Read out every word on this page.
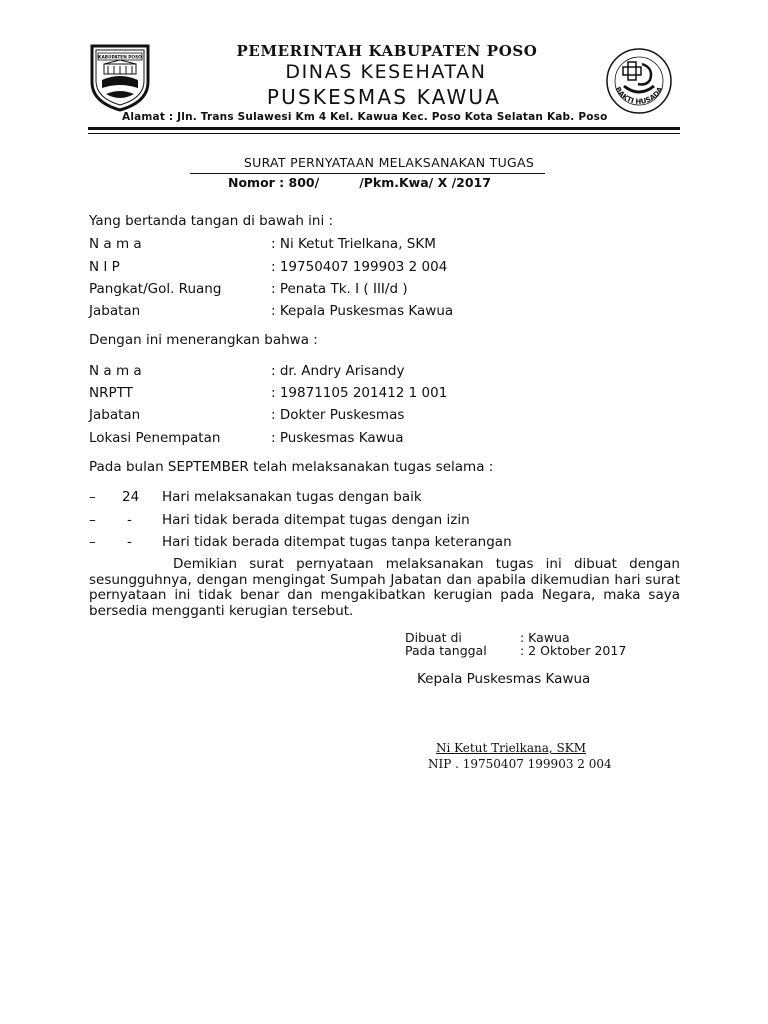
KABUPATEN POSO
BAKTI HUSADA
PEMERINTAH KABUPATEN POSO
DINAS KESEHATAN
PUSKESMAS KAWUA
Alamat : Jln. Trans Sulawesi Km 4 Kel. Kawua Kec. Poso Kota Selatan Kab. Poso
SURAT PERNYATAAN MELAKSANAKAN TUGAS
Nomor : 800/	/Pkm.Kwa/ X /2017
Yang bertanda tangan di bawah ini :
N a m a	: Ni Ketut Trielkana, SKM
N I P	: 19750407 199903 2 004
Pangkat/Gol. Ruang	: Penata Tk. I ( III/d )
Jabatan	: Kepala Puskesmas Kawua
Dengan ini menerangkan bahwa :
N a m a	: dr. Andry Arisandy
NRPTT	: 19871105 201412 1 001
Jabatan	: Dokter Puskesmas
Lokasi Penempatan	: Puskesmas Kawua
Pada bulan SEPTEMBER telah melaksanakan tugas selama :
– 24 Hari melaksanakan tugas dengan baik
– - Hari tidak berada ditempat tugas dengan izin
– - Hari tidak berada ditempat tugas tanpa keterangan
Demikian surat pernyataan melaksanakan tugas ini dibuat dengan sesungguhnya, dengan mengingat Sumpah Jabatan dan apabila dikemudian hari surat pernyataan ini tidak benar dan mengakibatkan kerugian pada Negara, maka saya bersedia mengganti kerugian tersebut.
Dibuat di	: Kawua
Pada tanggal	: 2 Oktober 2017
Kepala Puskesmas Kawua
Ni Ketut Trielkana, SKM
NIP . 19750407 199903 2 004
